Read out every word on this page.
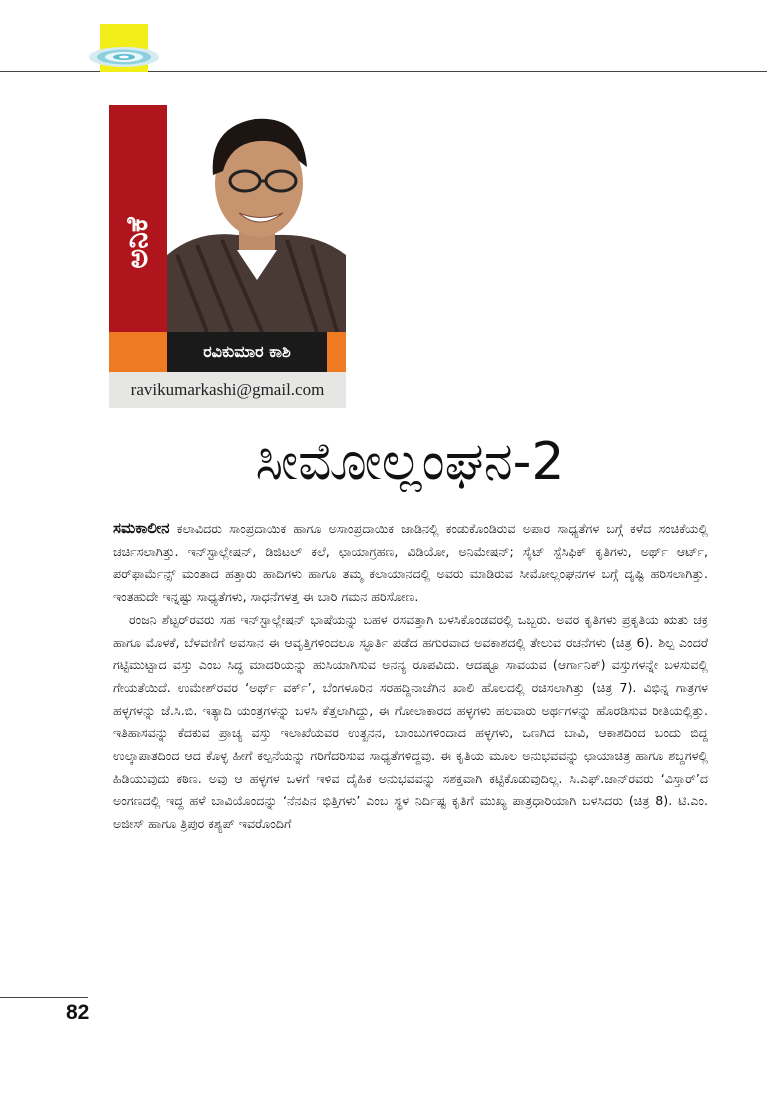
ಅನಿಕೆ
ರವಿಕುಮಾರ ಕಾಶಿ
ravikumarkashi@gmail.com
ಸೀಮೋಲ್ಲಂಘನ-2

ಸಮಕಾಲೀನ ಕಲಾವಿದರು ಸಾಂಪ್ರದಾಯಿಕ ಹಾಗೂ ಅಸಾಂಪ್ರದಾಯಿಕ ಜಾಡಿನಲ್ಲಿ ಕಂಡುಕೊಂಡಿರುವ ಅಪಾರ ಸಾಧ್ಯತೆಗಳ ಬಗ್ಗೆ ಕಳೆದ ಸಂಚಿಕೆಯಲ್ಲಿ ಚರ್ಚಿಸಲಾಗಿತ್ತು. ಇನ್‌ಸ್ಟಾಲ್ಲೇಷನ್, ಡಿಜಿಟಲ್ ಕಲೆ, ಛಾಯಾಗ್ರಹಣ, ವಿಡಿಯೋ, ಅನಿಮೇಷನ್; ಸೈಟ್ ಸ್ಪೆಸಿಫಿಕ್ ಕೃತಿಗಳು, ಅರ್ಥ್ ಆರ್ಟ್, ಪರ್‌ಫಾರ್ಮೆನ್ಸ್ ಮಂತಾದ ಹತ್ತಾರು ಹಾದಿಗಳು ಹಾಗೂ ತಮ್ಮ ಕಲಾಯಾನದಲ್ಲಿ ಅವರು ಮಾಡಿರುವ ಸೀಮೋಲ್ಲಂಘನಗಳ ಬಗ್ಗೆ ದೃಷ್ಟಿ ಹರಿಸಲಾಗಿತ್ತು. ಇಂತಹುದೇ ಇನ್ನಷ್ಟು ಸಾಧ್ಯತೆಗಳು, ಸಾಧನೆಗಳತ್ತ ಈ ಬಾರಿ ಗಮನ ಹರಿಸೋಣ.

ರಂಜನಿ ಶೆಟ್ಟರ್‌ರವರು ಸಹ ಇನ್‌ಸ್ಟಾಲ್ಲೇಷನ್ ಭಾಷೆಯನ್ನು ಬಹಳ ರಸವತ್ತಾಗಿ ಬಳಸಿಕೊಂಡವರಲ್ಲಿ ಒಬ್ಬರು. ಅವರ ಕೃತಿಗಳು ಪ್ರಕೃತಿಯ ಋತು ಚಕ್ರ ಹಾಗೂ ಮೊಳಕೆ, ಬೆಳವಣಿಗೆ ಅವಸಾನ ಈ ಆವೃತ್ತಿಗಳಿಂದಲೂ ಸ್ಫೂರ್ತಿ ಪಡೆದ ಹಗುರವಾದ ಅವಕಾಶದಲ್ಲಿ ತೇಲುವ ರಚನೆಗಳು (ಚಿತ್ರ 6). ಶಿಲ್ಪ ಎಂದರೆ ಗಟ್ಟಿಮುಟ್ಟಾದ ವಸ್ತು ಎಂಬ ಸಿದ್ಧ ಮಾದರಿಯನ್ನು ಹುಸಿಯಾಗಿಸುವ ಅನನ್ಯ ರೂಪವಿದು. ಆದಷ್ಟೂ ಸಾವಯವ (ಆರ್ಗಾನಿಕ್) ವಸ್ತುಗಳನ್ನೇ ಬಳಸುವಲ್ಲಿ ಗೇಯತೆಯಿದೆ. ಉಮೇಶ್‌ರವರ ‘ಅರ್ಥ್ ವರ್ಕ್’, ಬೆಂಗಳೂರಿನ ಸರಹದ್ದಿನಾಚೆಗಿನ ಖಾಲಿ ಹೊಲದಲ್ಲಿ ರಚಿಸಲಾಗಿತ್ತು (ಚಿತ್ರ 7). ವಿಭಿನ್ನ ಗಾತ್ರಗಳ ಹಳ್ಳಗಳನ್ನು ಜೆ.ಸಿ.ಬಿ. ಇತ್ಯಾದಿ ಯಂತ್ರಗಳನ್ನು ಬಳಸಿ ಕೆತ್ತಲಾಗಿದ್ದು, ಈ ಗೋಲಾಕಾರದ ಹಳ್ಳಗಳು ಹಲವಾರು ಅರ್ಥಗಳನ್ನು ಹೊರಡಿಸುವ ರೀತಿಯಲ್ಲಿತ್ತು. ಇತಿಹಾಸವನ್ನು ಕೆದಕುವ ಪ್ರಾಚ್ಯ ವಸ್ತು ಇಲಾಖೆಯವರ ಉತ್ಖನನ, ಬಾಂಬುಗಳಿಂದಾದ ಹಳ್ಳಗಳು, ಒಣಗಿದ ಬಾವಿ, ಆಕಾಶದಿಂದ ಬಂದು ಬಿದ್ದ ಉಲ್ಕಾಪಾತದಿಂದ ಆದ ಕೊಳ್ಳ ಹೀಗೆ ಕಲ್ಪನೆಯನ್ನು ಗರಿಗೆದರಿಸುವ ಸಾಧ್ಯತೆಗಳಿದ್ದವು. ಈ ಕೃತಿಯ ಮೂಲ ಅನುಭವವನ್ನು ಛಾಯಾಚಿತ್ರ ಹಾಗೂ ಶಬ್ದಗಳಲ್ಲಿ ಹಿಡಿಯುವುದು ಕಠಿಣ. ಅವು ಆ ಹಳ್ಳಗಳ ಒಳಗೆ ಇಳಿವ ದೈಹಿಕ ಅನುಭವವನ್ನು ಸಶಕ್ತವಾಗಿ ಕಟ್ಟಿಕೊಡುವುದಿಲ್ಲ. ಸಿ.ಎಫ್.ಜಾನ್‌ರವರು ‘ವಿಸ್ತಾರ್’ದ ಅಂಗಣದಲ್ಲಿ ಇದ್ದ ಹಳೆ ಬಾವಿಯೊಂದನ್ನು ‘ನೆನಪಿನ ಭಿತ್ತಿಗಳು’ ಎಂಬ ಸ್ಥಳ ನಿರ್ದಿಷ್ಟ ಕೃತಿಗೆ ಮುಖ್ಯ ಪಾತ್ರಧಾರಿಯಾಗಿ ಬಳಸಿದರು (ಚಿತ್ರ 8). ಟಿ.ಎಂ. ಅಜೀಸ್ ಹಾಗೂ ತ್ರಿಪುರ ಕಶ್ಯಪ್ ಇವರೊಂದಿಗೆ

82
